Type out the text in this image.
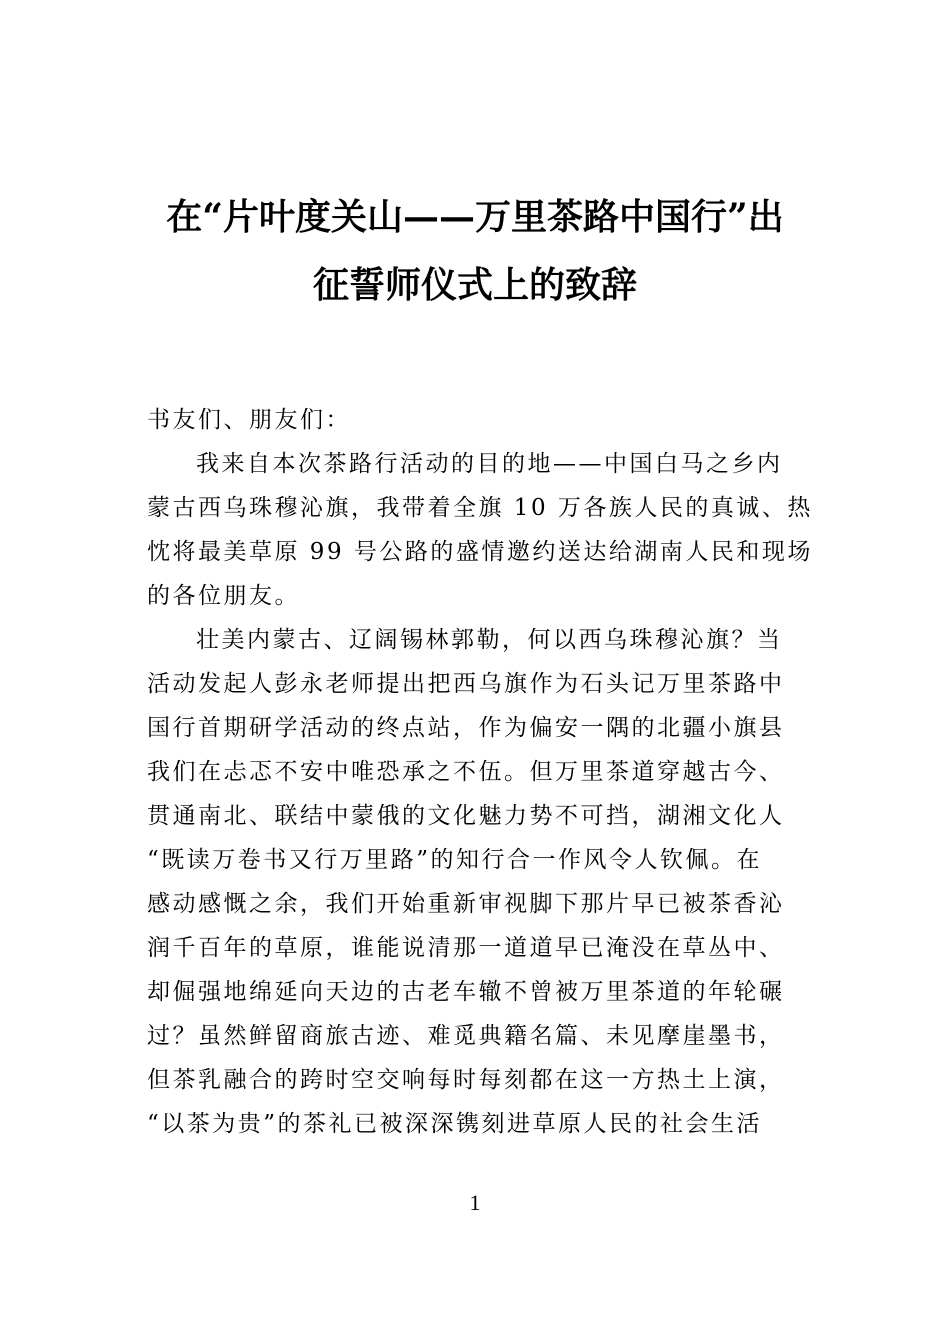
在“片叶度关山——万里茶路中国行”出
征誓师仪式上的致辞

书友们、朋友们：

我来自本次茶路行活动的目的地——中国白马之乡内

蒙古西乌珠穆沁旗，我带着全旗 10 万各族人民的真诚、热

忱将最美草原 99 号公路的盛情邀约送达给湖南人民和现场

的各位朋友。

壮美内蒙古、辽阔锡林郭勒，何以西乌珠穆沁旗？当

活动发起人彭永老师提出把西乌旗作为石头记万里茶路中

国行首期研学活动的终点站，作为偏安一隅的北疆小旗县

我们在忐忑不安中唯恐承之不伍。但万里茶道穿越古今、

贯通南北、联结中蒙俄的文化魅力势不可挡，湖湘文化人

“既读万卷书又行万里路”的知行合一作风令人钦佩。在

感动感慨之余，我们开始重新审视脚下那片早已被茶香沁

润千百年的草原，谁能说清那一道道早已淹没在草丛中、

却倔强地绵延向天边的古老车辙不曾被万里茶道的年轮碾

过？虽然鲜留商旅古迹、难觅典籍名篇、未见摩崖墨书，

但茶乳融合的跨时空交响每时每刻都在这一方热土上演，

“以茶为贵”的茶礼已被深深镌刻进草原人民的社会生活

1
